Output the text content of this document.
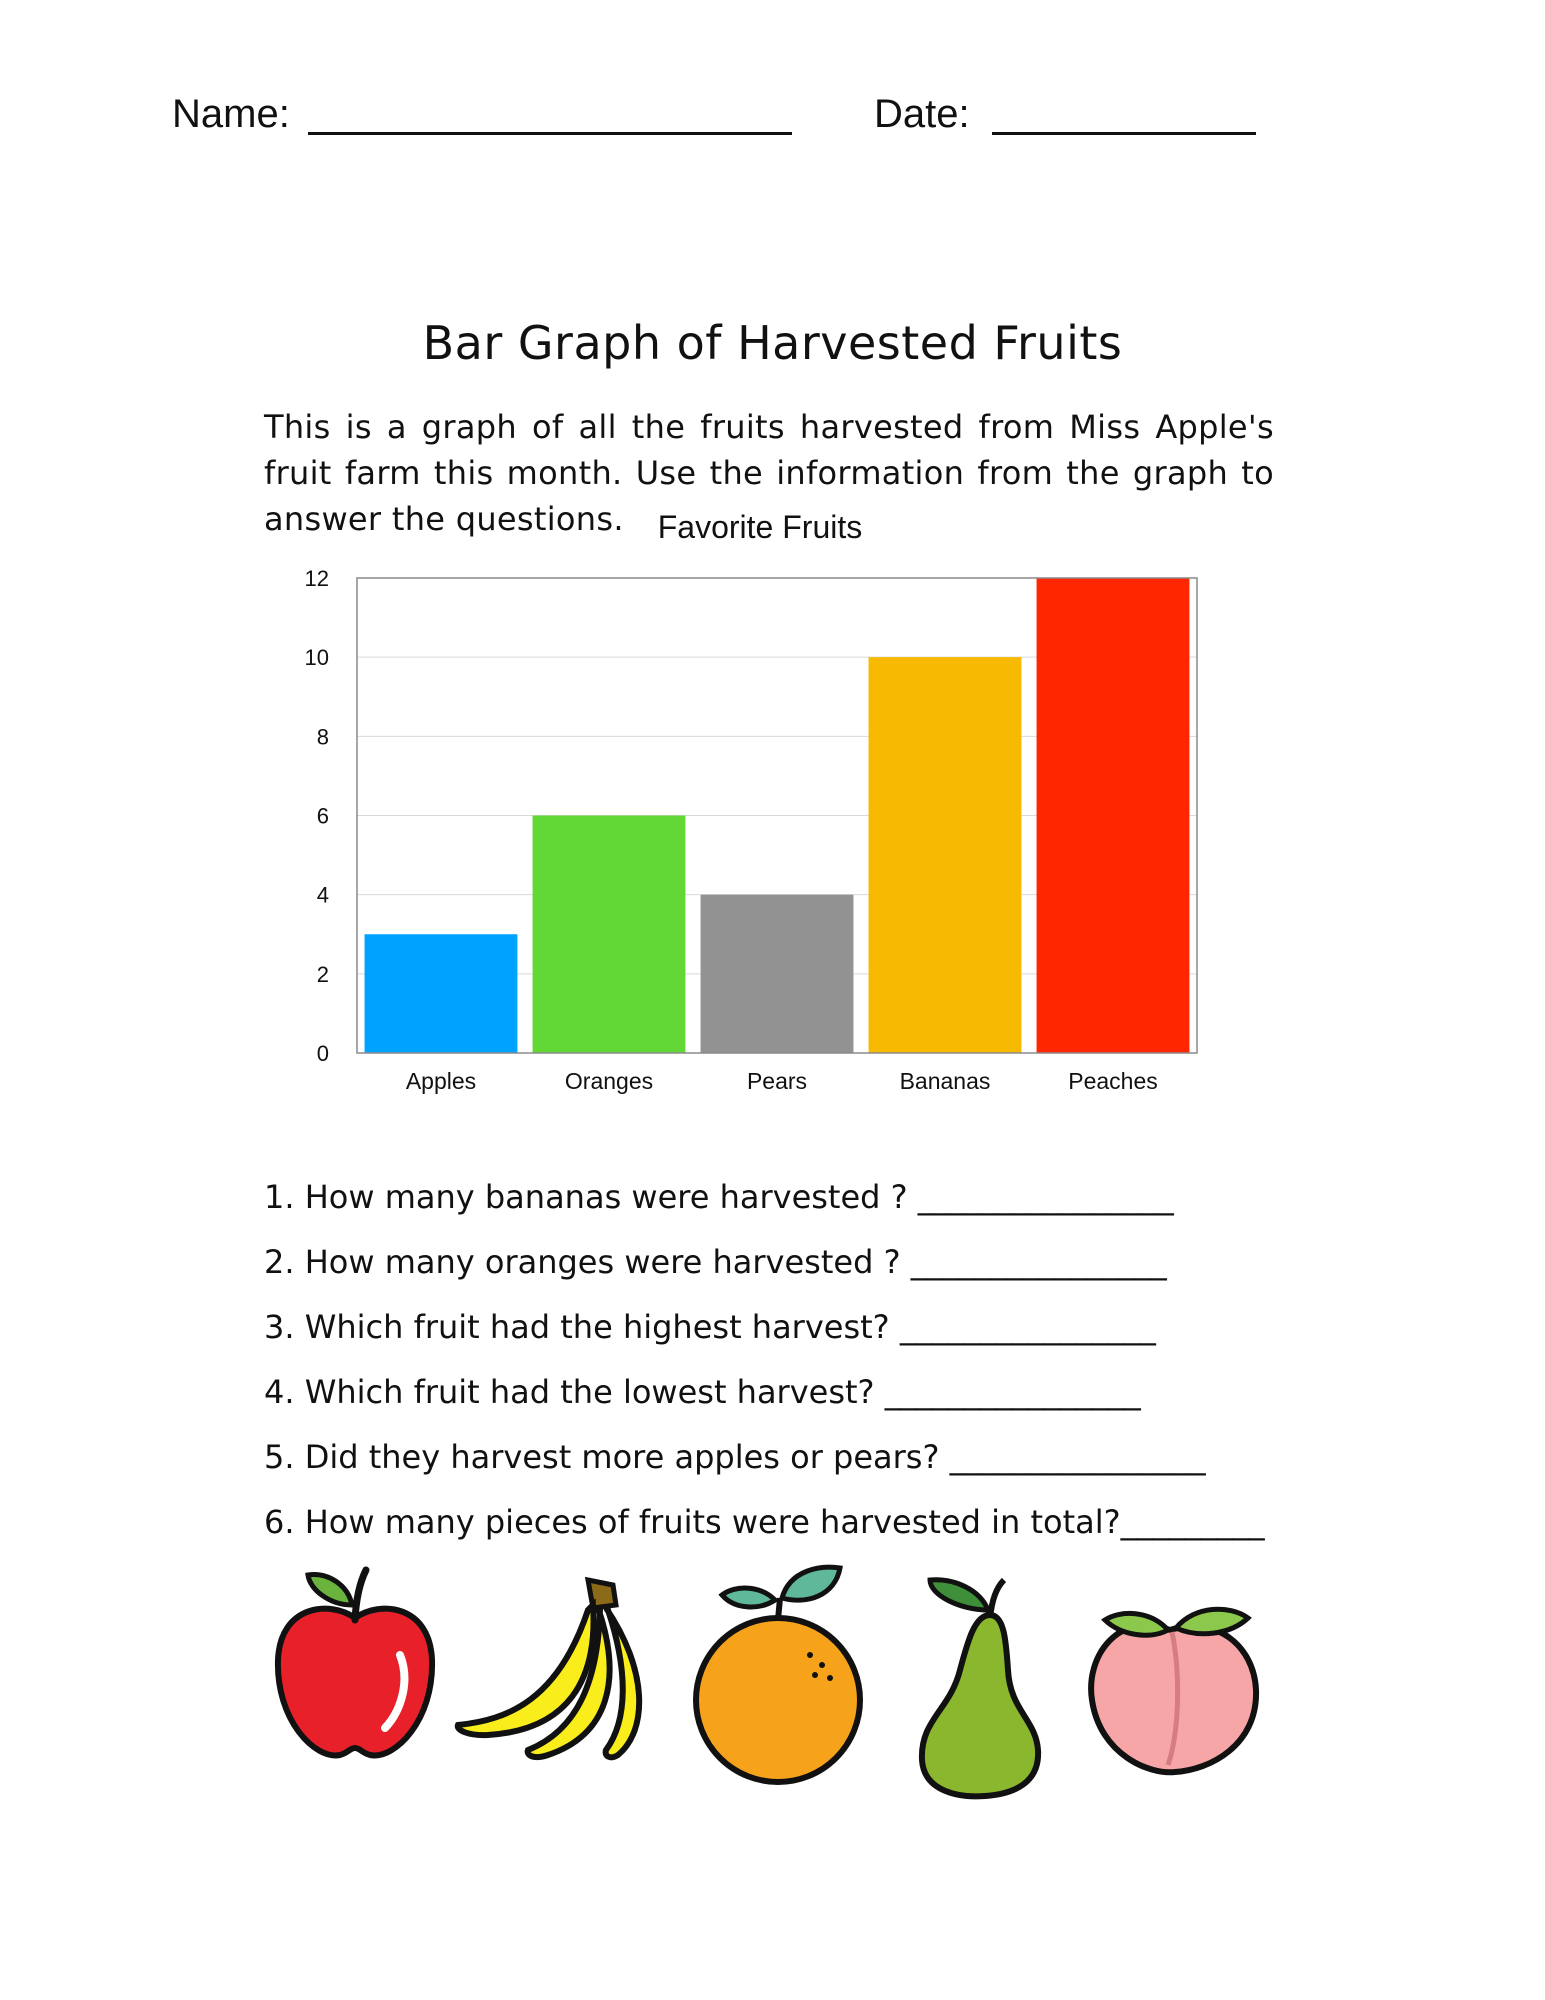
Name:	Date:
Bar Graph of Harvested Fruits

This is a graph of all the fruits harvested from Miss Apple's fruit farm this month. Use the information from the graph to answer the questions.	Favorite Fruits
0
2
4
6
8
10
12
Apples	Oranges	Pears	Bananas	Peaches
1. How many bananas were harvested ? ________________
2. How many oranges were harvested ? ________________
3. Which fruit had the highest harvest? ________________
4. Which fruit had the lowest harvest? ________________
5. Did they harvest more apples or pears? ________________
6. How many pieces of fruits were harvested in total?_________
